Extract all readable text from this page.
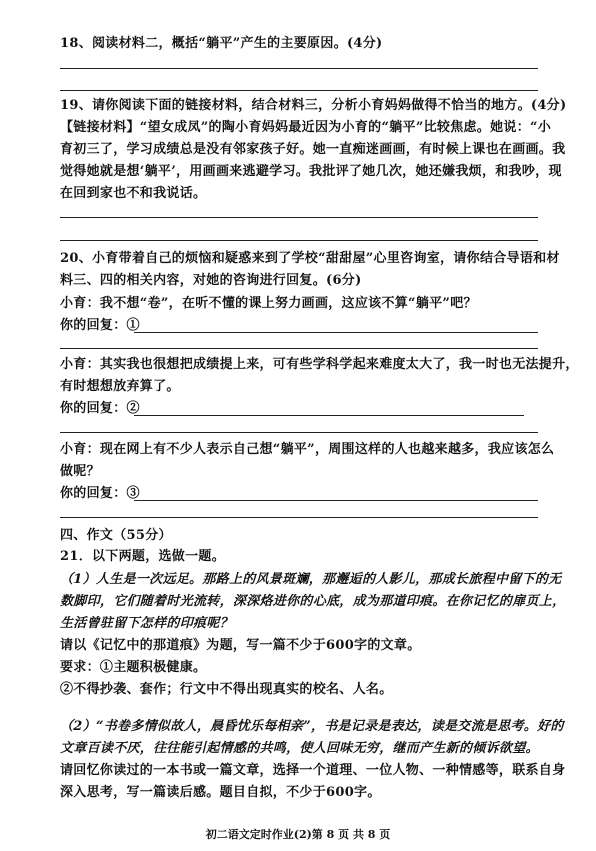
18、阅读材料二，概括“躺平”产生的主要原因。(4分)
19、请你阅读下面的链接材料，结合材料三，分析小育妈妈做得不恰当的地方。(4分)
【链接材料】“望女成凤”的陶小育妈妈最近因为小育的“躺平”比较焦虑。她说：“小
育初三了，学习成绩总是没有邻家孩子好。她一直痴迷画画，有时候上课也在画画。我
觉得她就是想‘躺平’，用画画来逃避学习。我批评了她几次，她还嫌我烦，和我吵，现
在回到家也不和我说话。
20、小育带着自己的烦恼和疑惑来到了学校“甜甜屋”心里咨询室，请你结合导语和材
料三、四的相关内容，对她的咨询进行回复。(6分)
小育：我不想“卷”，在听不懂的课上努力画画，这应该不算“躺平”吧？
你的回复：①
小育：其实我也很想把成绩提上来，可有些学科学起来难度太大了，我一时也无法提升，
有时想想放弃算了。
你的回复：②
小育：现在网上有不少人表示自己想“躺平”，周围这样的人也越来越多，我应该怎么
做呢？
你的回复：③
四、作文（55分）
21．以下两题，选做一题。
（1）人生是一次远足。那路上的风景斑斓，那邂逅的人影儿，那成长旅程中留下的无
数脚印，它们随着时光流转，深深烙进你的心底，成为那道印痕。在你记忆的扉页上，
生活曾驻留下怎样的印痕呢？
请以《记忆中的那道痕》为题，写一篇不少于600字的文章。
要求：①主题积极健康。
②不得抄袭、套作；行文中不得出现真实的校名、人名。
（2）“书卷多情似故人，晨昏忧乐每相亲”，书是记录是表达，读是交流是思考。好的
文章百读不厌，往往能引起情感的共鸣，使人回味无穷，继而产生新的倾诉欲望。
请回忆你读过的一本书或一篇文章，选择一个道理、一位人物、一种情感等，联系自身
深入思考，写一篇读后感。题目自拟，不少于600字。
初二语文定时作业(2)第 8 页 共 8 页
